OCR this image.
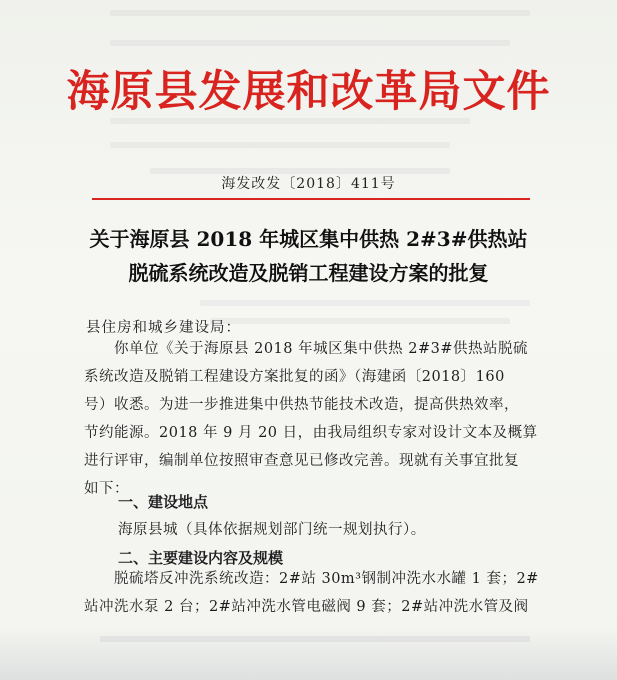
海原县发展和改革局文件
海发改发〔2018〕411号
关于海原县 2018 年城区集中供热 2#3#供热站
脱硫系统改造及脱销工程建设方案的批复
县住房和城乡建设局：
你单位《关于海原县 2018 年城区集中供热 2#3#供热站脱硫
系统改造及脱销工程建设方案批复的函》（海建函〔2018〕160
号）收悉。为进一步推进集中供热节能技术改造，提高供热效率，
节约能源。2018 年 9 月 20 日，由我局组织专家对设计文本及概算
进行评审，编制单位按照审查意见已修改完善。现就有关事宜批复
如下：
一、建设地点
海原县城（具体依据规划部门统一规划执行）。
二、主要建设内容及规模
脱硫塔反冲洗系统改造：2#站 30m³钢制冲洗水水罐 1 套；2#
站冲洗水泵 2 台；2#站冲洗水管电磁阀 9 套；2#站冲洗水管及阀
